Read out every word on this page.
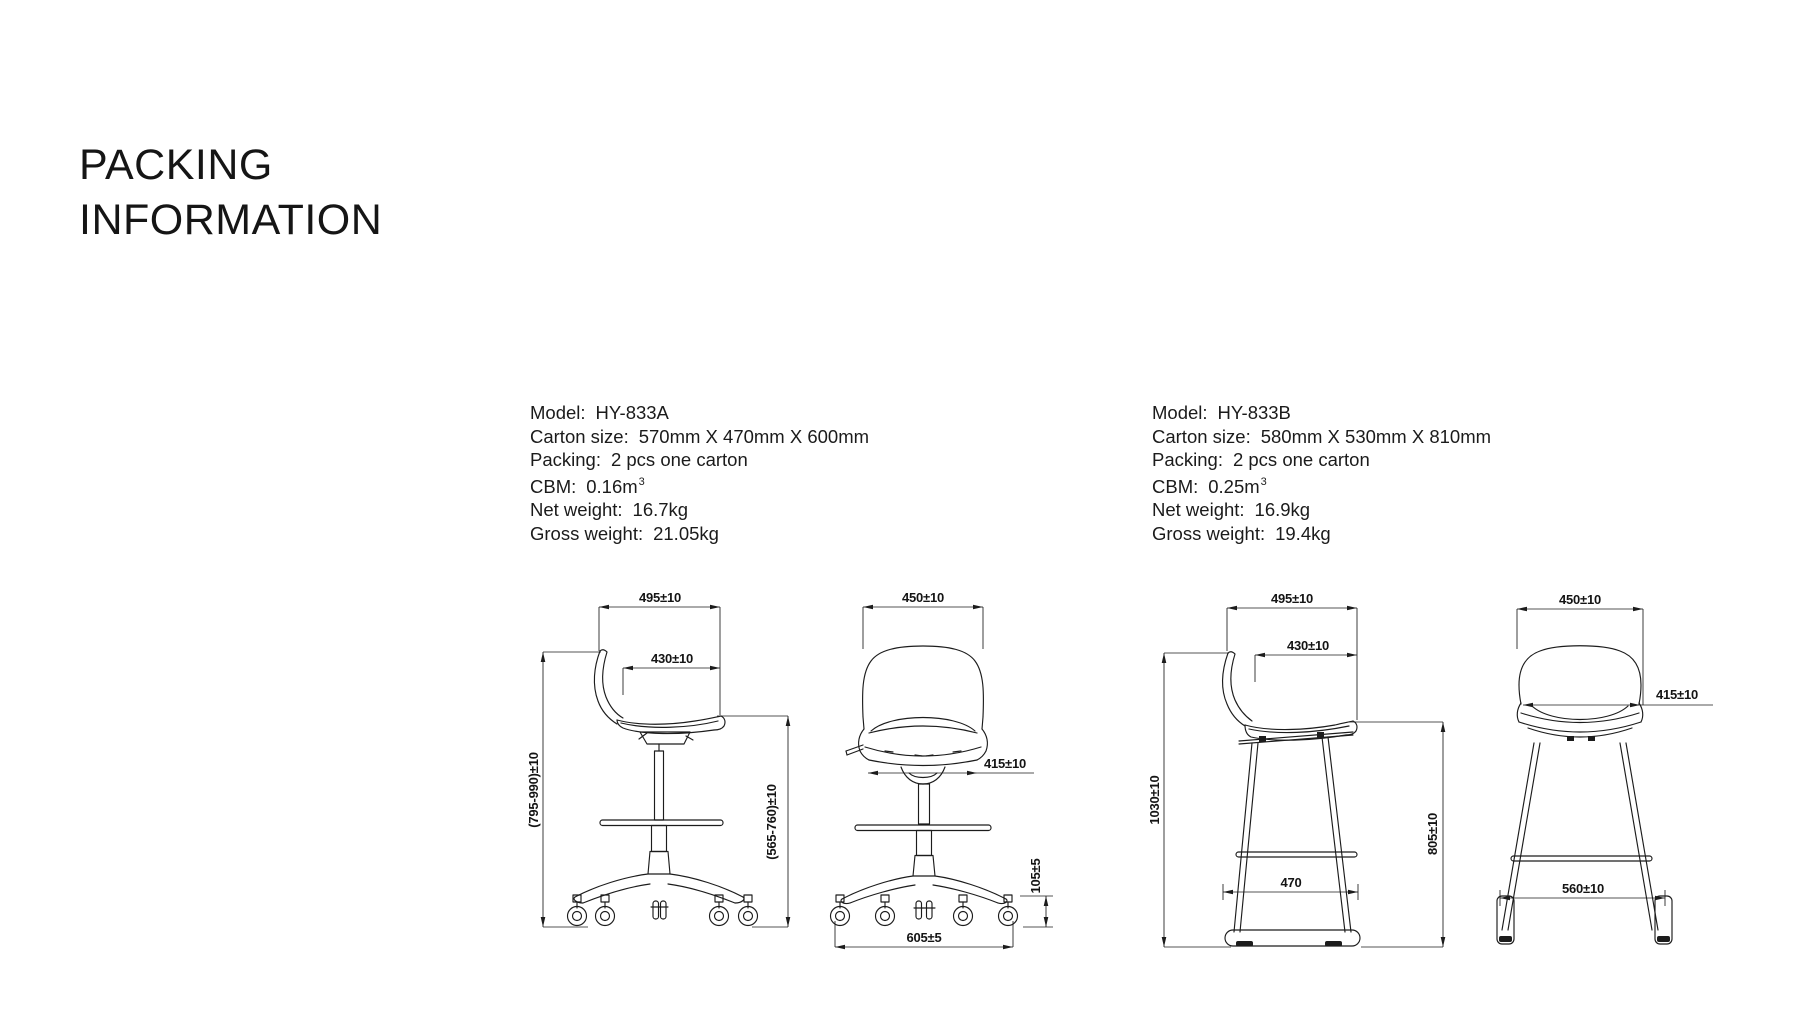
PACKING
INFORMATION
Model: HY-833A
Carton size: 570mm X 470mm X 600mm
Packing: 2 pcs one carton
CBM: $0.16m^3$
Net weight: 16.7kg
Gross weight: 21.05kg
Model: HY-833B
Carton size: 580mm X 530mm X 810mm
Packing: 2 pcs one carton
CBM: $0.25m^3$
Net weight: 16.9kg
Gross weight: 19.4kg
495±10
430±10
(795-990)±10	(565-760)±10
450±10
415±10
105±5
605±5
495±10
430±10
1030±10
805±10
470
450±10
415±10
560±10
